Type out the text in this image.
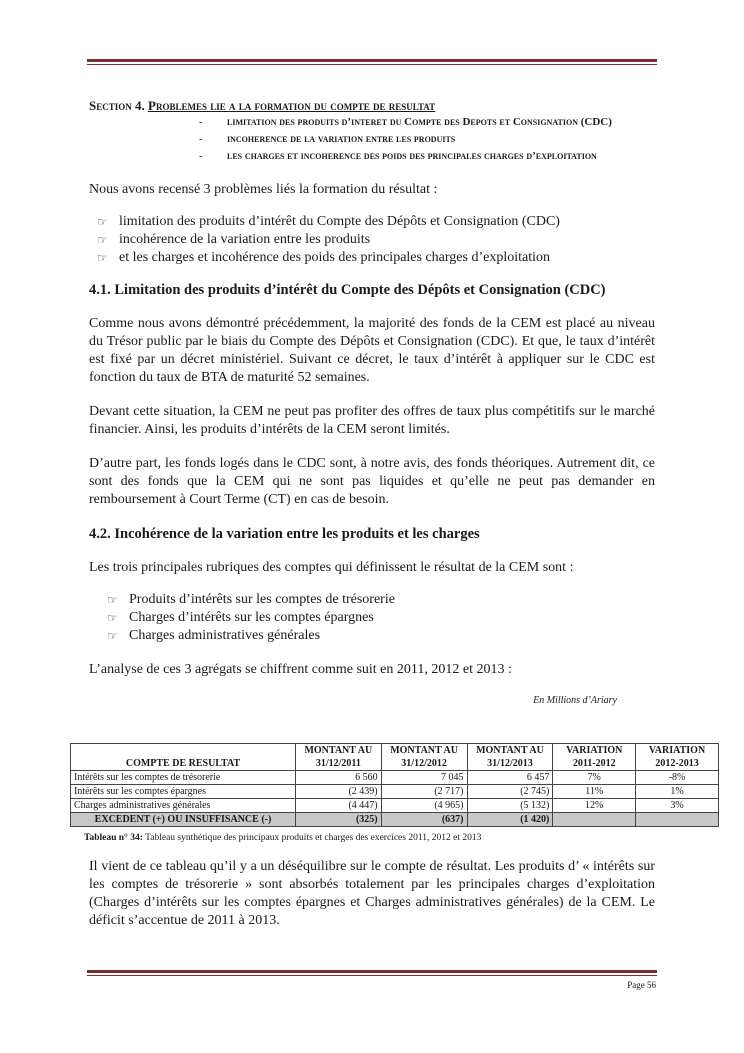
Section 4. Problemes lie a la formation du compte de resultat
- limitation des produits d’interet du Compte des Depots et Consignation (CDC)
- incoherence de la variation entre les produits
- les charges et incoherence des poids des principales charges d’exploitation

Nous avons recensé 3 problèmes liés la formation du résultat :

☞ limitation des produits d’intérêt du Compte des Dépôts et Consignation (CDC)
☞ incohérence de la variation entre les produits
☞ et les charges et incohérence des poids des principales charges d’exploitation
4.1. Limitation des produits d’intérêt du Compte des Dépôts et Consignation (CDC)

Comme nous avons démontré précédemment, la majorité des fonds de la CEM est placé au niveau du Trésor public par le biais du Compte des Dépôts et Consignation (CDC). Et que, le taux d’intérêt est fixé par un décret ministériel. Suivant ce décret, le taux d’intérêt à appliquer sur le CDC est fonction du taux de BTA de maturité 52 semaines.

Devant cette situation, la CEM ne peut pas profiter des offres de taux plus compétitifs sur le marché financier. Ainsi, les produits d’intérêts de la CEM seront limités.

D’autre part, les fonds logés dans le CDC sont, à notre avis, des fonds théoriques. Autrement dit, ce sont des fonds que la CEM qui ne sont pas liquides et qu’elle ne peut pas demander en remboursement à Court Terme (CT) en cas de besoin.

4.2. Incohérence de la variation entre les produits et les charges

Les trois principales rubriques des comptes qui définissent le résultat de la CEM sont :

☞ Produits d’intérêts sur les comptes de trésorerie
☞ Charges d’intérêts sur les comptes épargnes
☞ Charges administratives générales

L’analyse de ces 3 agrégats se chiffrent comme suit en 2011, 2012 et 2013 :

En Millions d’Ariary
COMPTE DE RESULTAT	MONTANT AU 31/12/2011	MONTANT AU 31/12/2012	MONTANT AU 31/12/2013	VARIATION 2011-2012	VARIATION 2012-2013
Intérêts sur les comptes de trésorerie	6 560	7 045	6 457	7%	-8%
Intérêts sur les comptes épargnes	(2 439)	(2 717)	(2 745)	11%	1%
Charges administratives générales	(4 447)	(4 965)	(5 132)	12%	3%
EXCEDENT (+) OU INSUFFISANCE (-)	(325)	(637)	(1 420)		
Tableau n° 34: Tableau synthétique des principaux produits et charges des exercices 2011, 2012 et 2013

Il vient de ce tableau qu’il y a un déséquilibre sur le compte de résultat. Les produits d’ « intérêts sur les comptes de trésorerie » sont absorbés totalement par les principales charges d’exploitation (Charges d’intérêts sur les comptes épargnes et Charges administratives générales) de la CEM. Le déficit s’accentue de 2011 à 2013.

Page 56
